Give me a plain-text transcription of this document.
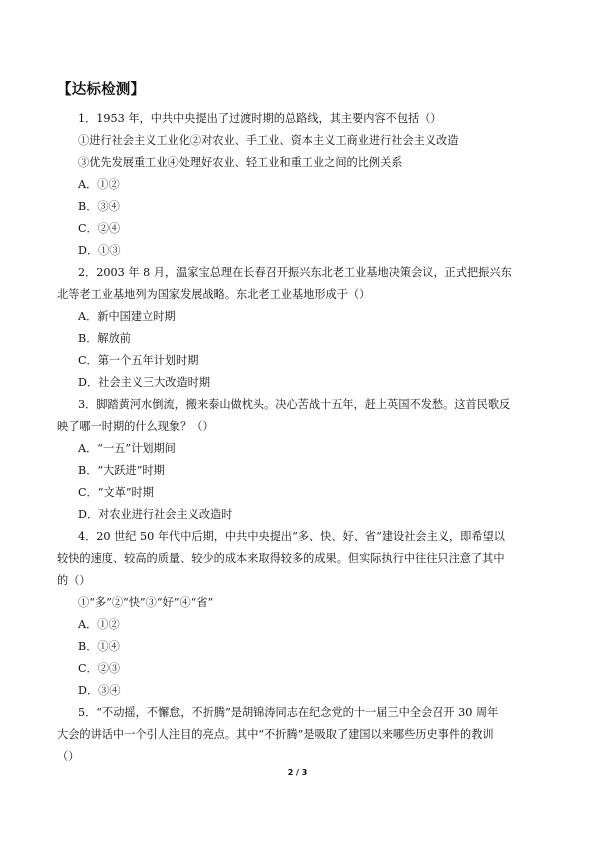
【达标检测】
1．1953 年，中共中央提出了过渡时期的总路线，其主要内容不包括（）
①进行社会主义工业化②对农业、手工业、资本主义工商业进行社会主义改造
③优先发展重工业④处理好农业、轻工业和重工业之间的比例关系
A．①②
B．③④
C．②④
D．①③
2．2003 年 8 月，温家宝总理在长春召开振兴东北老工业基地决策会议，正式把振兴东
北等老工业基地列为国家发展战略。东北老工业基地形成于（）
A．新中国建立时期
B．解放前
C．第一个五年计划时期
D．社会主义三大改造时期
3．脚踏黄河水倒流，搬来泰山做枕头。决心苦战十五年，赶上英国不发愁。这首民歌反
映了哪一时期的什么现象？（）
A．“一五”计划期间
B．“大跃进”时期
C．“文革”时期
D．对农业进行社会主义改造时
4．20 世纪 50 年代中后期，中共中央提出“多、快、好、省”建设社会主义，即希望以
较快的速度、较高的质量、较少的成本来取得较多的成果。但实际执行中往往只注意了其中
的（）
①“多”②“快”③“好”④“省”
A．①②
B．①④
C．②③
D．③④
5．“不动摇，不懈怠，不折腾”是胡锦涛同志在纪念党的十一届三中全会召开 30 周年
大会的讲话中一个引人注目的亮点。其中“不折腾”是吸取了建国以来哪些历史事件的教训
（）
2 / 3
